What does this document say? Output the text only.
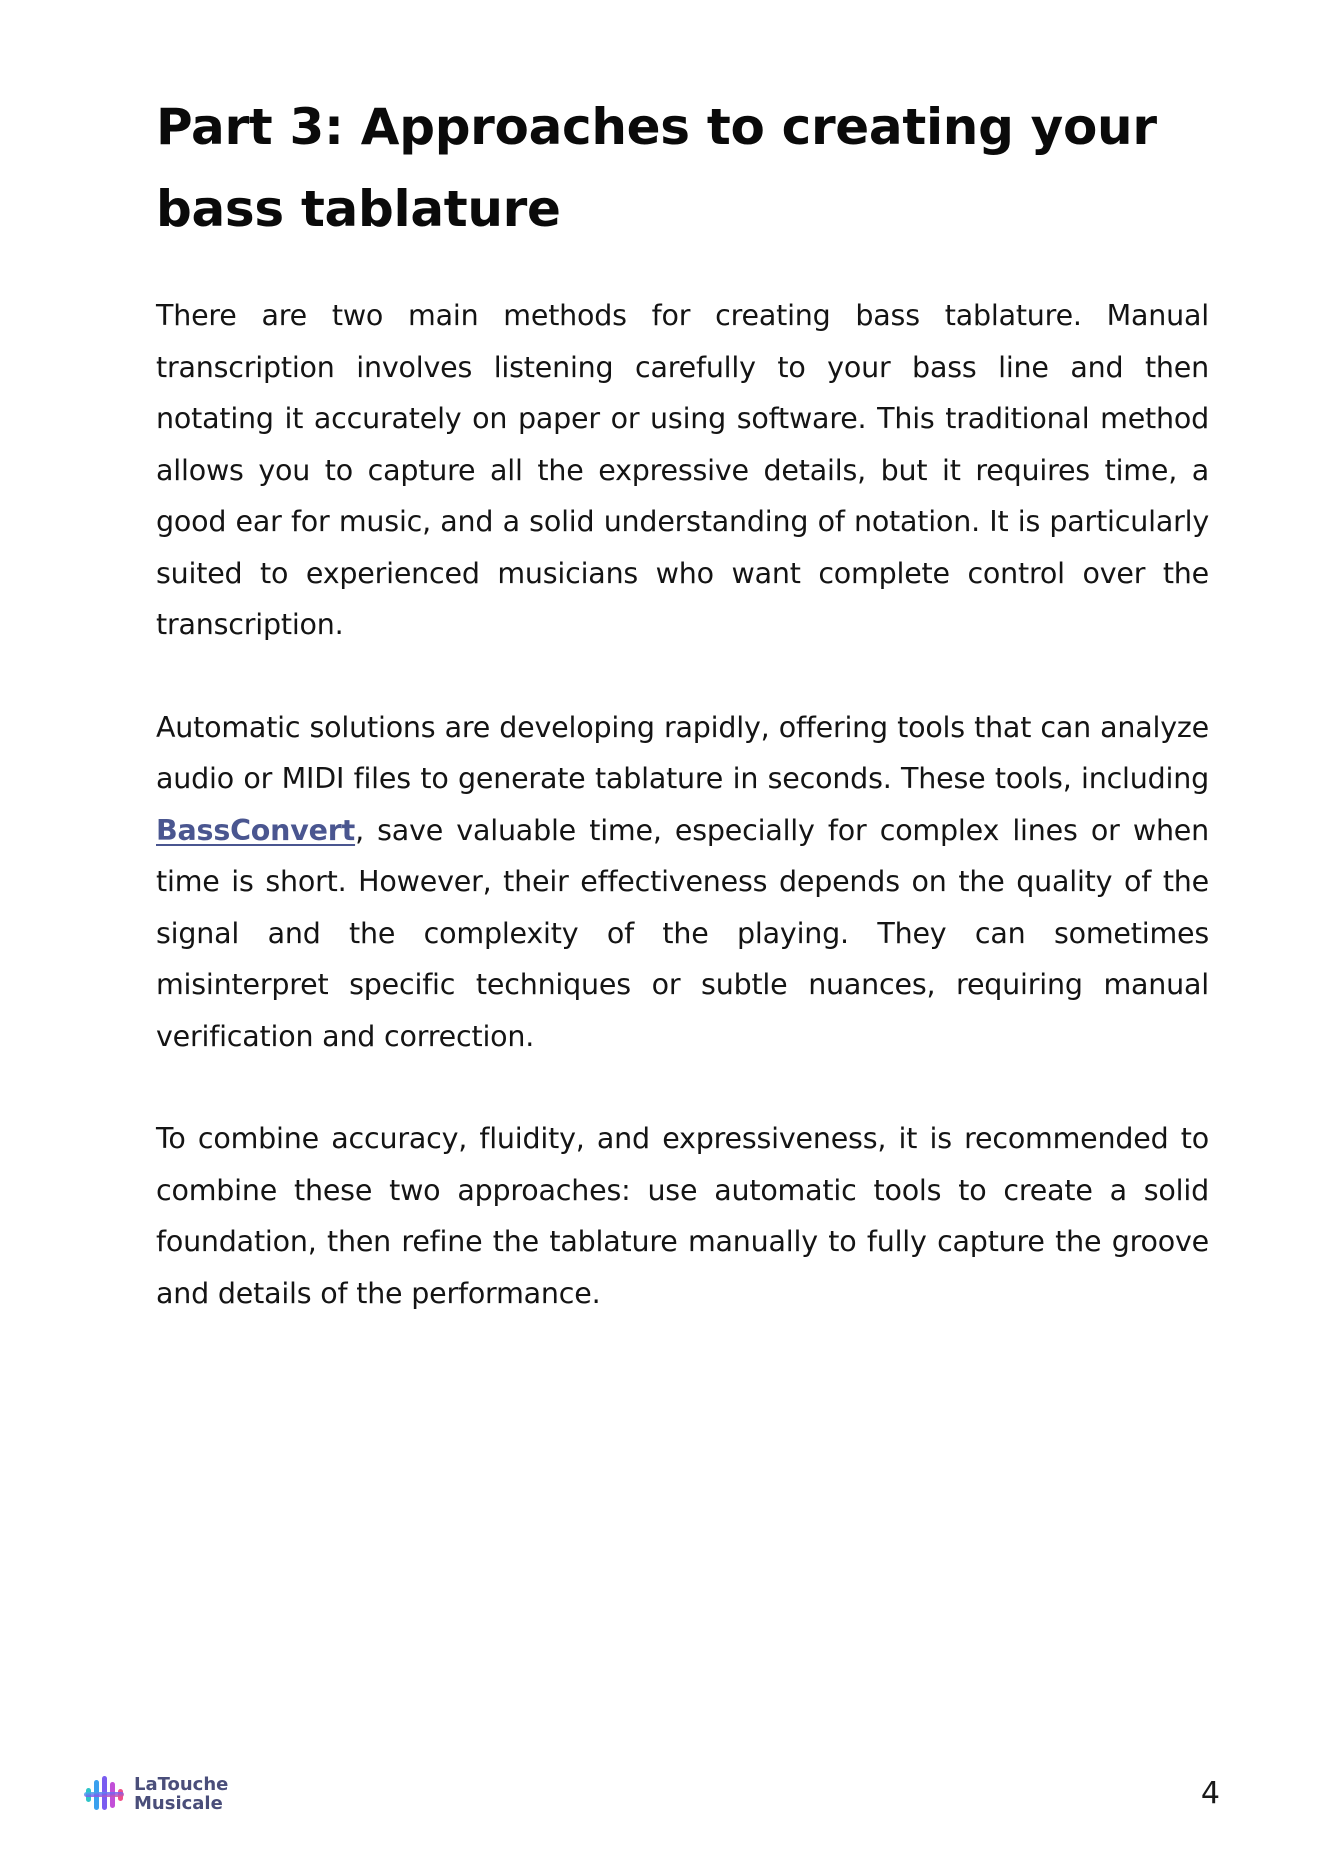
Part 3: Approaches to creating your bass tablature

There are two main methods for creating bass tablature. Manual transcription involves listening carefully to your bass line and then notating it accurately on paper or using software. This traditional method allows you to capture all the expressive details, but it requires time, a good ear for music, and a solid understanding of notation. It is particularly suited to experienced musicians who want complete control over the transcription.

Automatic solutions are developing rapidly, offering tools that can analyze audio or MIDI files to generate tablature in seconds. These tools, including BassConvert, save valuable time, especially for complex lines or when time is short. However, their effectiveness depends on the quality of the signal and the complexity of the playing. They can sometimes misinterpret specific techniques or subtle nuances, requiring manual verification and correction.

To combine accuracy, fluidity, and expressiveness, it is recommended to combine these two approaches: use automatic tools to create a solid foundation, then refine the tablature manually to fully capture the groove and details of the performance.

LaTouche
Musicale	4
